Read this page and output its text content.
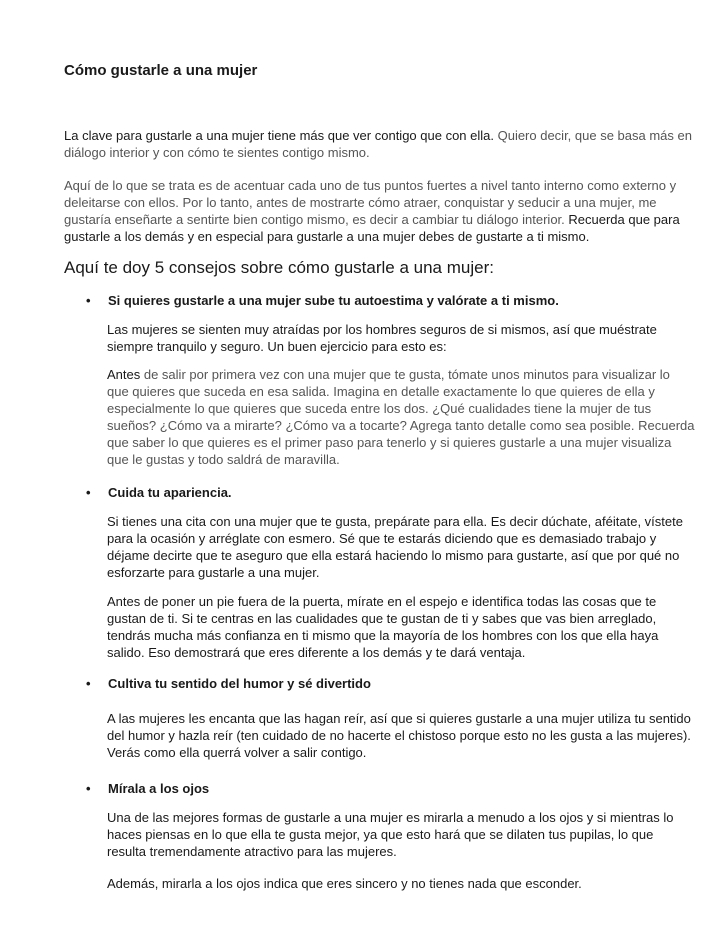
Cómo gustarle a una mujer

La clave para gustarle a una mujer tiene más que ver contigo que con ella. Quiero decir, que se basa más en diálogo interior y con cómo te sientes contigo mismo.

Aquí de lo que se trata es de acentuar cada uno de tus puntos fuertes a nivel tanto interno como externo y deleitarse con ellos. Por lo tanto, antes de mostrarte cómo atraer, conquistar y seducir a una mujer, me gustaría enseñarte a sentirte bien contigo mismo, es decir a cambiar tu diálogo interior. Recuerda que para gustarle a los demás y en especial para gustarle a una mujer debes de gustarte a ti mismo.

Aquí te doy 5 consejos sobre cómo gustarle a una mujer:

• Si quieres gustarle a una mujer sube tu autoestima y valórate a ti mismo.

Las mujeres se sienten muy atraídas por los hombres seguros de si mismos, así que muéstrate siempre tranquilo y seguro. Un buen ejercicio para esto es:

Antes de salir por primera vez con una mujer que te gusta, tómate unos minutos para visualizar lo que quieres que suceda en esa salida. Imagina en detalle exactamente lo que quieres de ella y especialmente lo que quieres que suceda entre los dos. ¿Qué cualidades tiene la mujer de tus sueños? ¿Cómo va a mirarte? ¿Cómo va a tocarte? Agrega tanto detalle como sea posible. Recuerda que saber lo que quieres es el primer paso para tenerlo y si quieres gustarle a una mujer visualiza que le gustas y todo saldrá de maravilla.

• Cuida tu apariencia.

Si tienes una cita con una mujer que te gusta, prepárate para ella. Es decir dúchate, aféitate, vístete para la ocasión y arréglate con esmero. Sé que te estarás diciendo que es demasiado trabajo y déjame decirte que te aseguro que ella estará haciendo lo mismo para gustarte, así que por qué no esforzarte para gustarle a una mujer.

Antes de poner un pie fuera de la puerta, mírate en el espejo e identifica todas las cosas que te gustan de ti. Si te centras en las cualidades que te gustan de ti y sabes que vas bien arreglado, tendrás mucha más confianza en ti mismo que la mayoría de los hombres con los que ella haya salido. Eso demostrará que eres diferente a los demás y te dará ventaja.

• Cultiva tu sentido del humor y sé divertido

A las mujeres les encanta que las hagan reír, así que si quieres gustarle a una mujer utiliza tu sentido del humor y hazla reír (ten cuidado de no hacerte el chistoso porque esto no les gusta a las mujeres). Verás como ella querrá volver a salir contigo.

• Mírala a los ojos

Una de las mejores formas de gustarle a una mujer es mirarla a menudo a los ojos y si mientras lo haces piensas en lo que ella te gusta mejor, ya que esto hará que se dilaten tus pupilas, lo que resulta tremendamente atractivo para las mujeres.

Además, mirarla a los ojos indica que eres sincero y no tienes nada que esconder.
